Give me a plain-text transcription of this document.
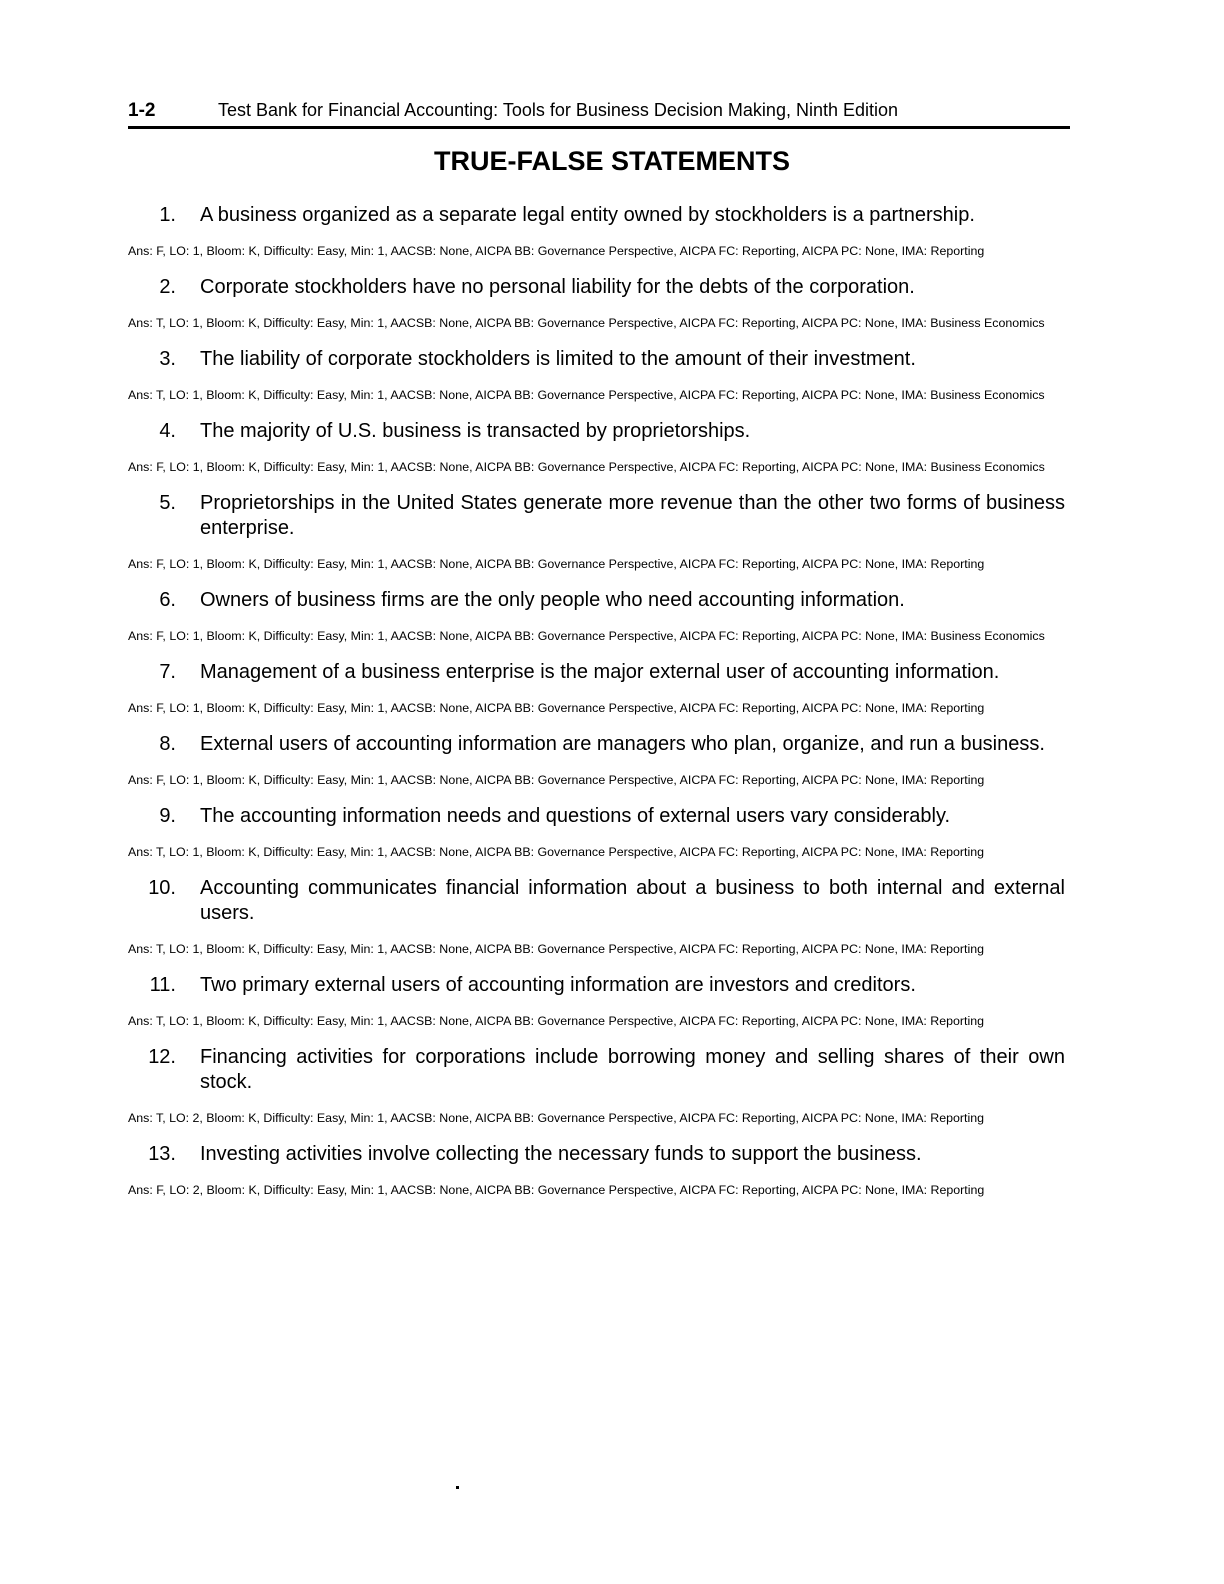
1-2	Test Bank for Financial Accounting: Tools for Business Decision Making, Ninth Edition
TRUE-FALSE STATEMENTS
1. A business organized as a separate legal entity owned by stockholders is a partnership.
Ans: F, LO: 1, Bloom: K, Difficulty: Easy, Min: 1, AACSB: None, AICPA BB: Governance Perspective, AICPA FC: Reporting, AICPA PC: None, IMA: Reporting
2. Corporate stockholders have no personal liability for the debts of the corporation.
Ans: T, LO: 1, Bloom: K, Difficulty: Easy, Min: 1, AACSB: None, AICPA BB: Governance Perspective, AICPA FC: Reporting, AICPA PC: None, IMA: Business Economics
3. The liability of corporate stockholders is limited to the amount of their investment.
Ans: T, LO: 1, Bloom: K, Difficulty: Easy, Min: 1, AACSB: None, AICPA BB: Governance Perspective, AICPA FC: Reporting, AICPA PC: None, IMA: Business Economics
4. The majority of U.S. business is transacted by proprietorships.
Ans: F, LO: 1, Bloom: K, Difficulty: Easy, Min: 1, AACSB: None, AICPA BB: Governance Perspective, AICPA FC: Reporting, AICPA PC: None, IMA: Business Economics
5. Proprietorships in the United States generate more revenue than the other two forms of business enterprise.
Ans: F, LO: 1, Bloom: K, Difficulty: Easy, Min: 1, AACSB: None, AICPA BB: Governance Perspective, AICPA FC: Reporting, AICPA PC: None, IMA: Reporting
6. Owners of business firms are the only people who need accounting information.
Ans: F, LO: 1, Bloom: K, Difficulty: Easy, Min: 1, AACSB: None, AICPA BB: Governance Perspective, AICPA FC: Reporting, AICPA PC: None, IMA: Business Economics
7. Management of a business enterprise is the major external user of accounting information.
Ans: F, LO: 1, Bloom: K, Difficulty: Easy, Min: 1, AACSB: None, AICPA BB: Governance Perspective, AICPA FC: Reporting, AICPA PC: None, IMA: Reporting
8. External users of accounting information are managers who plan, organize, and run a business.
Ans: F, LO: 1, Bloom: K, Difficulty: Easy, Min: 1, AACSB: None, AICPA BB: Governance Perspective, AICPA FC: Reporting, AICPA PC: None, IMA: Reporting
9. The accounting information needs and questions of external users vary considerably.
Ans: T, LO: 1, Bloom: K, Difficulty: Easy, Min: 1, AACSB: None, AICPA BB: Governance Perspective, AICPA FC: Reporting, AICPA PC: None, IMA: Reporting
10. Accounting communicates financial information about a business to both internal and external users.
Ans: T, LO: 1, Bloom: K, Difficulty: Easy, Min: 1, AACSB: None, AICPA BB: Governance Perspective, AICPA FC: Reporting, AICPA PC: None, IMA: Reporting
11. Two primary external users of accounting information are investors and creditors.
Ans: T, LO: 1, Bloom: K, Difficulty: Easy, Min: 1, AACSB: None, AICPA BB: Governance Perspective, AICPA FC: Reporting, AICPA PC: None, IMA: Reporting
12. Financing activities for corporations include borrowing money and selling shares of their own stock.
Ans: T, LO: 2, Bloom: K, Difficulty: Easy, Min: 1, AACSB: None, AICPA BB: Governance Perspective, AICPA FC: Reporting, AICPA PC: None, IMA: Reporting
13. Investing activities involve collecting the necessary funds to support the business.
Ans: F, LO: 2, Bloom: K, Difficulty: Easy, Min: 1, AACSB: None, AICPA BB: Governance Perspective, AICPA FC: Reporting, AICPA PC: None, IMA: Reporting
